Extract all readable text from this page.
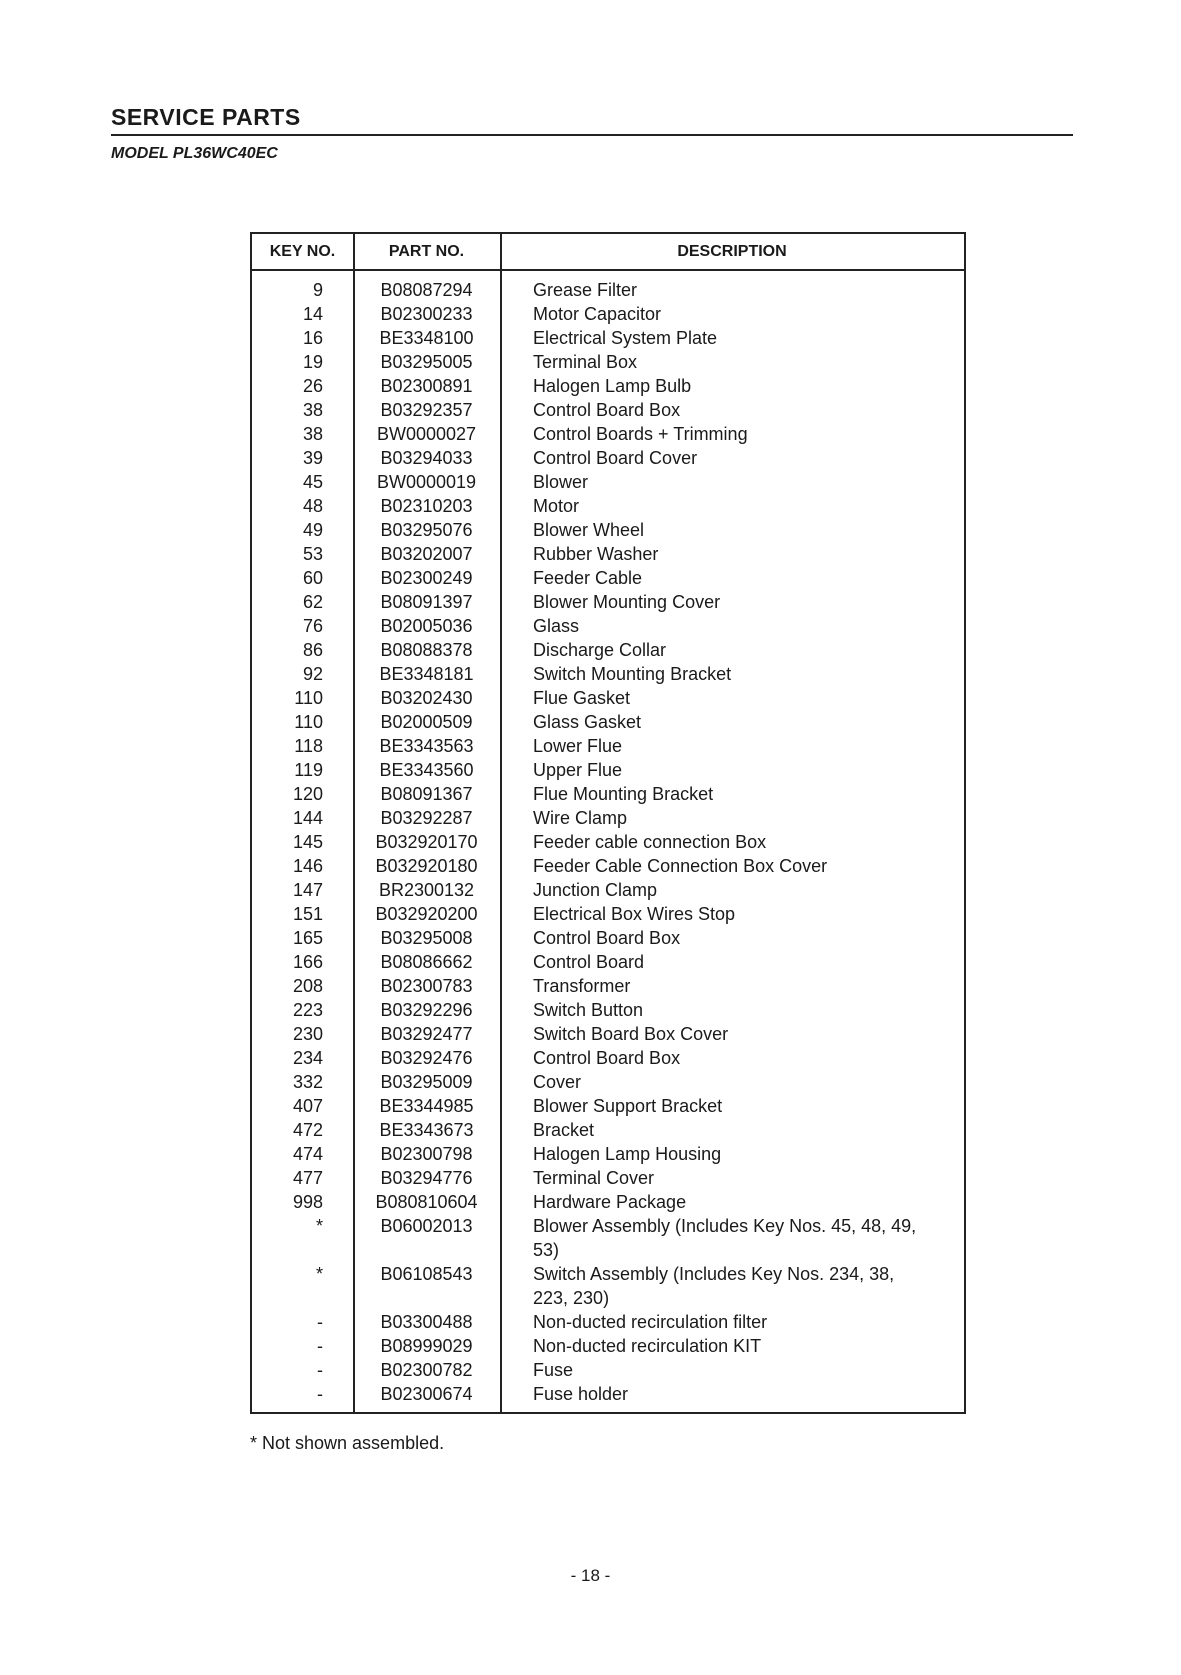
SERVICE PARTS

MODEL PL36WC40EC

KEY NO.	PART NO.	DESCRIPTION
9	B08087294	Grease Filter
14	B02300233	Motor Capacitor
16	BE3348100	Electrical System Plate
19	B03295005	Terminal Box
26	B02300891	Halogen Lamp Bulb
38	B03292357	Control Board Box
38	BW0000027	Control Boards + Trimming
39	B03294033	Control Board Cover
45	BW0000019	Blower
48	B02310203	Motor
49	B03295076	Blower Wheel
53	B03202007	Rubber Washer
60	B02300249	Feeder Cable
62	B08091397	Blower Mounting Cover
76	B02005036	Glass
86	B08088378	Discharge Collar
92	BE3348181	Switch Mounting Bracket
110	B03202430	Flue Gasket
110	B02000509	Glass Gasket
118	BE3343563	Lower Flue
119	BE3343560	Upper Flue
120	B08091367	Flue Mounting Bracket
144	B03292287	Wire Clamp
145	B032920170	Feeder cable connection Box
146	B032920180	Feeder Cable Connection Box Cover
147	BR2300132	Junction Clamp
151	B032920200	Electrical Box Wires Stop
165	B03295008	Control Board Box
166	B08086662	Control Board
208	B02300783	Transformer
223	B03292296	Switch Button
230	B03292477	Switch Board Box Cover
234	B03292476	Control Board Box
332	B03295009	Cover
407	BE3344985	Blower Support Bracket
472	BE3343673	Bracket
474	B02300798	Halogen Lamp Housing
477	B03294776	Terminal Cover
998	B080810604	Hardware Package
*	B06002013	Blower Assembly (Includes Key Nos. 45, 48, 49, 53)
*	B06108543	Switch Assembly (Includes Key Nos. 234, 38, 223, 230)
-	B03300488	Non-ducted recirculation filter
-	B08999029	Non-ducted recirculation KIT
-	B02300782	Fuse
-	B02300674	Fuse holder

* Not shown assembled.

- 18 -
